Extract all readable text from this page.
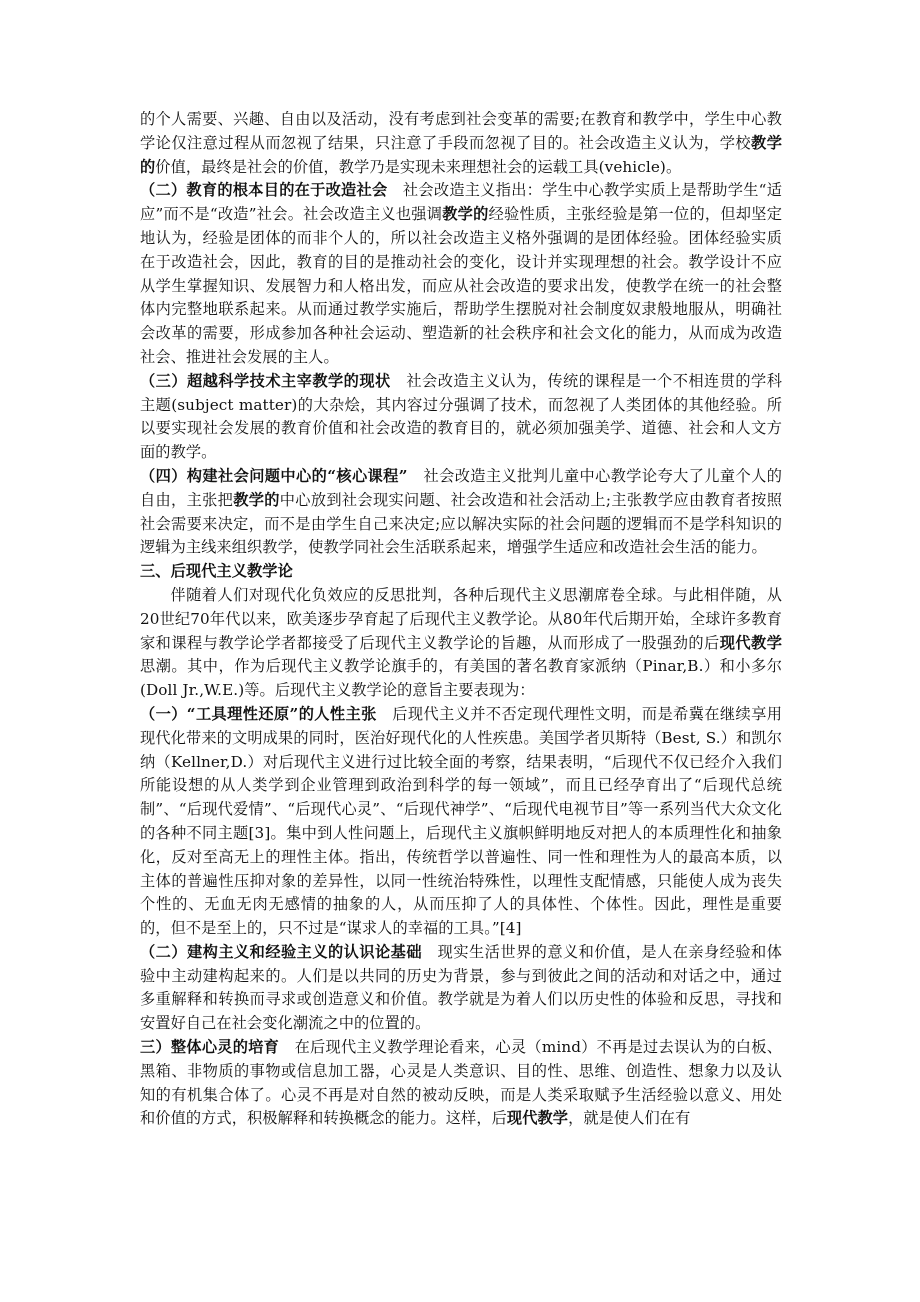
的个人需要、兴趣、自由以及活动，没有考虑到社会变革的需要;在教育和教学中，学生中心教学论仅注意过程从而忽视了结果，只注意了手段而忽视了目的。社会改造主义认为，学校教学的价值，最终是社会的价值，教学乃是实现未来理想社会的运载工具(vehicle)。

（二）教育的根本目的在于改造社会　社会改造主义指出：学生中心教学实质上是帮助学生“适应”而不是“改造”社会。社会改造主义也强调教学的经验性质，主张经验是第一位的，但却坚定地认为，经验是团体的而非个人的，所以社会改造主义格外强调的是团体经验。团体经验实质在于改造社会，因此，教育的目的是推动社会的变化，设计并实现理想的社会。教学设计不应从学生掌握知识、发展智力和人格出发，而应从社会改造的要求出发，使教学在统一的社会整体内完整地联系起来。从而通过教学实施后，帮助学生摆脱对社会制度奴隶般地服从，明确社会改革的需要，形成参加各种社会运动、塑造新的社会秩序和社会文化的能力，从而成为改造社会、推进社会发展的主人。

（三）超越科学技术主宰教学的现状　社会改造主义认为，传统的课程是一个不相连贯的学科主题(subject matter)的大杂烩，其内容过分强调了技术，而忽视了人类团体的其他经验。所以要实现社会发展的教育价值和社会改造的教育目的，就必须加强美学、道德、社会和人文方面的教学。

（四）构建社会问题中心的“核心课程”　社会改造主义批判儿童中心教学论夸大了儿童个人的自由，主张把教学的中心放到社会现实问题、社会改造和社会活动上;主张教学应由教育者按照社会需要来决定，而不是由学生自己来决定;应以解决实际的社会问题的逻辑而不是学科知识的逻辑为主线来组织教学，使教学同社会生活联系起来，增强学生适应和改造社会生活的能力。

三、后现代主义教学论

伴随着人们对现代化负效应的反思批判，各种后现代主义思潮席卷全球。与此相伴随，从20世纪70年代以来，欧美逐步孕育起了后现代主义教学论。从80年代后期开始，全球许多教育家和课程与教学论学者都接受了后现代主义教学论的旨趣，从而形成了一股强劲的后现代教学思潮。其中，作为后现代主义教学论旗手的，有美国的著名教育家派纳（Pinar,B.）和小多尔(Doll Jr.,W.E.)等。后现代主义教学论的意旨主要表现为：

（一）“工具理性还原”的人性主张　后现代主义并不否定现代理性文明，而是希冀在继续享用现代化带来的文明成果的同时，医治好现代化的人性疾患。美国学者贝斯特（Best, S.）和凯尔纳（Kellner,D.）对后现代主义进行过比较全面的考察，结果表明，“后现代不仅已经介入我们所能设想的从人类学到企业管理到政治到科学的每一领域”，而且已经孕育出了“后现代总统制”、“后现代爱情”、“后现代心灵”、“后现代神学”、“后现代电视节目”等一系列当代大众文化的各种不同主题[3]。集中到人性问题上，后现代主义旗帜鲜明地反对把人的本质理性化和抽象化，反对至高无上的理性主体。指出，传统哲学以普遍性、同一性和理性为人的最高本质，以主体的普遍性压抑对象的差异性，以同一性统治特殊性，以理性支配情感，只能使人成为丧失个性的、无血无肉无感情的抽象的人，从而压抑了人的具体性、个体性。因此，理性是重要的，但不是至上的，只不过是“谋求人的幸福的工具。”[4]

（二）建构主义和经验主义的认识论基础　现实生活世界的意义和价值，是人在亲身经验和体验中主动建构起来的。人们是以共同的历史为背景，参与到彼此之间的活动和对话之中，通过多重解释和转换而寻求或创造意义和价值。教学就是为着人们以历史性的体验和反思，寻找和安置好自己在社会变化潮流之中的位置的。

三）整体心灵的培育　在后现代主义教学理论看来，心灵（mind）不再是过去误认为的白板、黑箱、非物质的事物或信息加工器，心灵是人类意识、目的性、思维、创造性、想象力以及认知的有机集合体了。心灵不再是对自然的被动反映，而是人类采取赋予生活经验以意义、用处和价值的方式，积极解释和转换概念的能力。这样，后现代教学，就是使人们在有
